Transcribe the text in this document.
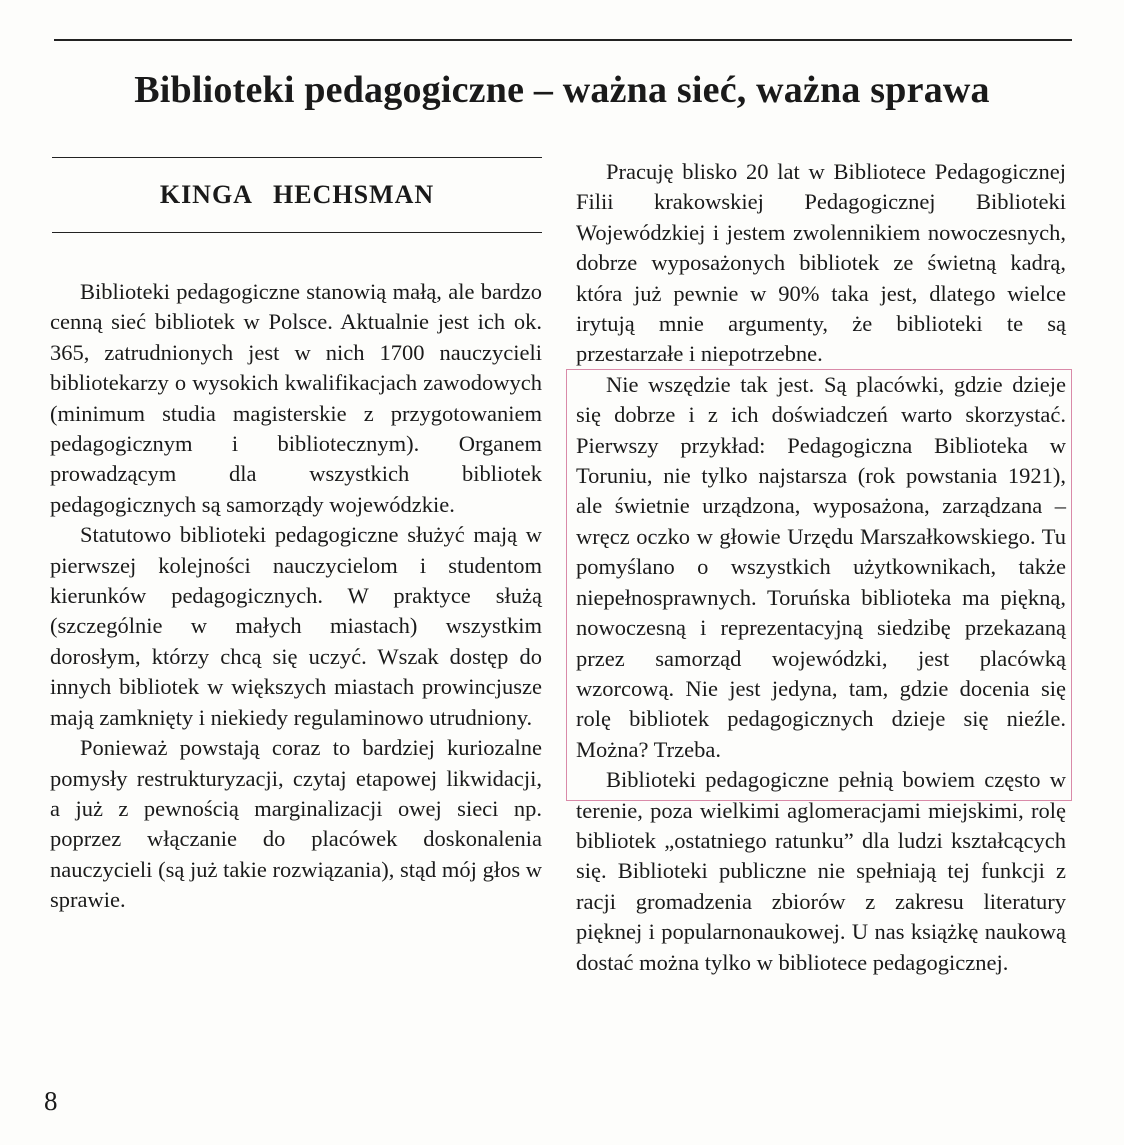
Biblioteki pedagogiczne – ważna sieć, ważna sprawa
KINGA HECHSMAN

Biblioteki pedagogiczne stanowią małą, ale bardzo cenną sieć bibliotek w Polsce. Aktualnie jest ich ok. 365, zatrudnionych jest w nich 1700 nauczycieli bibliotekarzy o wysokich kwalifikacjach zawodowych (minimum studia magisterskie z przygotowaniem pedagogicznym i bibliotecznym). Organem prowadzącym dla wszystkich bibliotek pedagogicznych są samorządy wojewódzkie.

Statutowo biblioteki pedagogiczne służyć mają w pierwszej kolejności nauczycielom i studentom kierunków pedagogicznych. W praktyce służą (szczególnie w małych miastach) wszystkim dorosłym, którzy chcą się uczyć. Wszak dostęp do innych bibliotek w większych miastach prowincjusze mają zamknięty i niekiedy regulaminowo utrudniony.

Ponieważ powstają coraz to bardziej kuriozalne pomysły restrukturyzacji, czytaj etapowej likwidacji, a już z pewnością marginalizacji owej sieci np. poprzez włączanie do placówek doskonalenia nauczycieli (są już takie rozwiązania), stąd mój głos w sprawie.

Pracuję blisko 20 lat w Bibliotece Pedagogicznej Filii krakowskiej Pedagogicznej Biblioteki Wojewódzkiej i jestem zwolennikiem nowoczesnych, dobrze wyposażonych bibliotek ze świetną kadrą, która już pewnie w 90% taka jest, dlatego wielce irytują mnie argumenty, że biblioteki te są przestarzałe i niepotrzebne.

Nie wszędzie tak jest. Są placówki, gdzie dzieje się dobrze i z ich doświadczeń warto skorzystać. Pierwszy przykład: Pedagogiczna Biblioteka w Toruniu, nie tylko najstarsza (rok powstania 1921), ale świetnie urządzona, wyposażona, zarządzana – wręcz oczko w głowie Urzędu Marszałkowskiego. Tu pomyślano o wszystkich użytkownikach, także niepełnosprawnych. Toruńska biblioteka ma piękną, nowoczesną i reprezentacyjną siedzibę przekazaną przez samorząd wojewódzki, jest placówką wzorcową. Nie jest jedyna, tam, gdzie docenia się rolę bibliotek pedagogicznych dzieje się nieźle. Można? Trzeba.

Biblioteki pedagogiczne pełnią bowiem często w terenie, poza wielkimi aglomeracjami miejskimi, rolę bibliotek „ostatniego ratunku” dla ludzi kształcących się. Biblioteki publiczne nie spełniają tej funkcji z racji gromadzenia zbiorów z zakresu literatury pięknej i popularnonaukowej. U nas książkę naukową dostać można tylko w bibliotece pedagogicznej.

8
